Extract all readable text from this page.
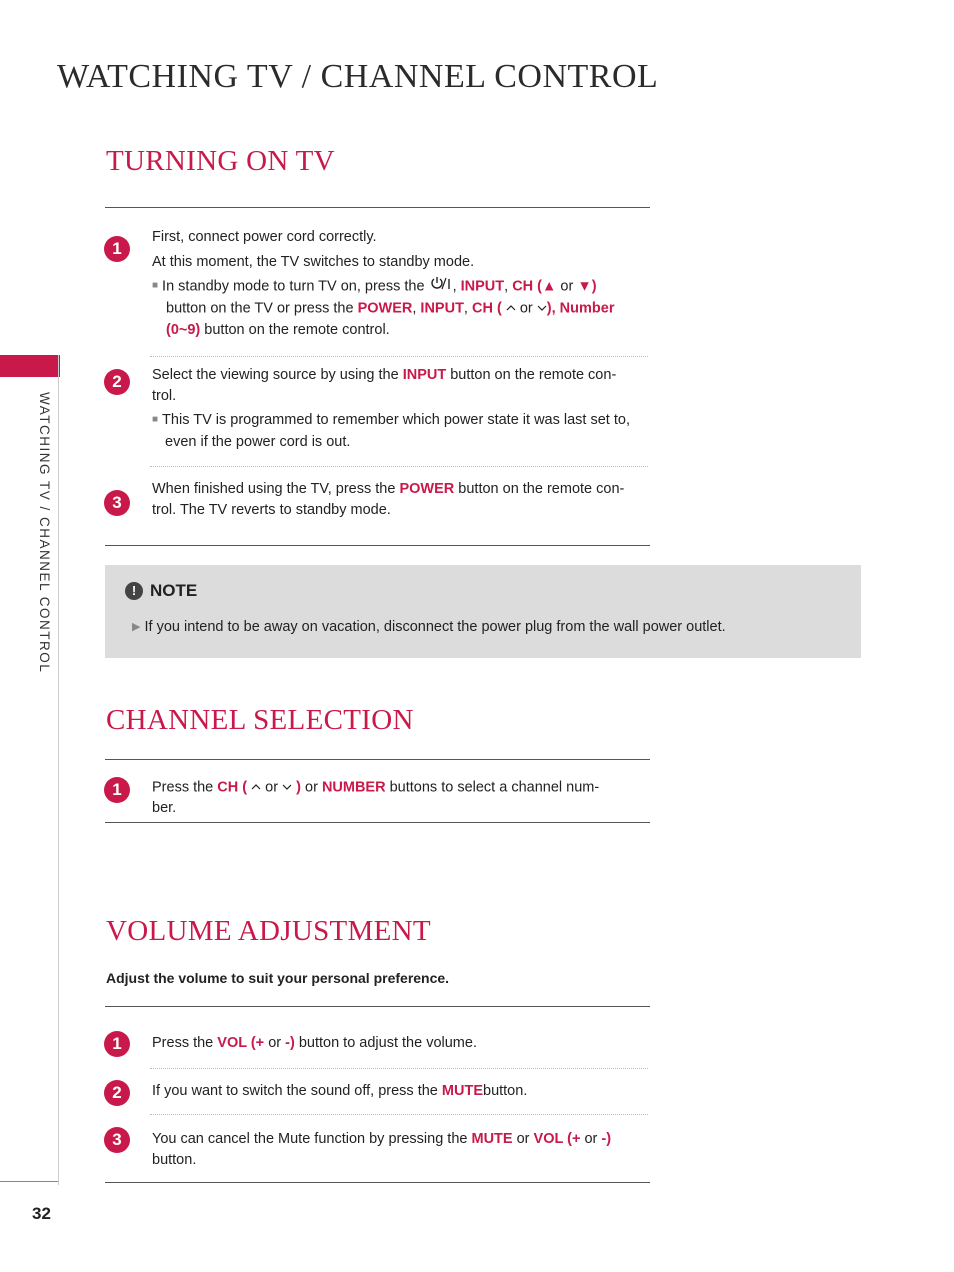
WATCHING TV / CHANNEL CONTROL
WATCHING TV / CHANNEL CONTROL
TURNING ON TV
1
First, connect power cord correctly.
At this moment, the TV switches to standby mode.
■ In standby mode to turn TV on, press the , INPUT, CH (▲ or ▼)
button on the TV or press the POWER, INPUT, CH ( or ), Number
(0~9) button on the remote control.
2	Select the viewing source by using the INPUT button on the remote con-
trol.
■ This TV is programmed to remember which power state it was last set to,
even if the power cord is out.
3
When finished using the TV, press the POWER button on the remote con-
trol. The TV reverts to standby mode.
! NOTE
▶ If you intend to be away on vacation, disconnect the power plug from the wall power outlet.
CHANNEL SELECTION
1	Press the CH ( or ) or NUMBER buttons to select a channel num-
ber.
VOLUME ADJUSTMENT
Adjust the volume to suit your personal preference.
1	Press the VOL (+ or -) button to adjust the volume.
2	If you want to switch the sound off, press the MUTEbutton.
3	You can cancel the Mute function by pressing the MUTE or VOL (+ or -)
button.
32
